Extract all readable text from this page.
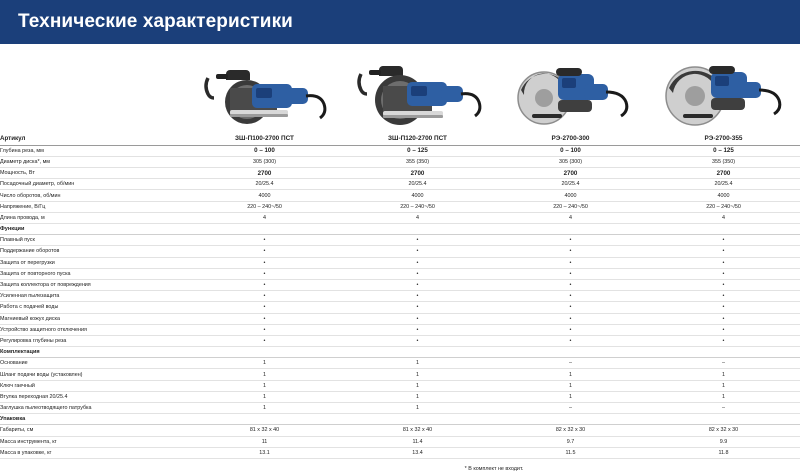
Технические характеристики
Артикул	ЗШ-П100-2700 ПСТ	ЗШ-П120-2700 ПСТ	РЭ-2700-300	РЭ-2700-355
Глубина реза, мм	0 – 100	0 – 125	0 – 100	0 – 125
Диаметр диска*, мм	305 (300)	355 (350)	305 (300)	355 (350)
Мощность, Вт	2700	2700	2700	2700
Посадочный диаметр, об/мин	20/25.4	20/25.4	20/25.4	20/25.4
Число оборотов, об/мин	4000	4000	4000	4000
Напряжение, В/Гц	220 – 240~/50	220 – 240~/50	220 – 240~/50	220 – 240~/50
Длина провода, м	4	4	4	4
Функции				
Плавный пуск	•	•	•	•
Поддержание оборотов	•	•	•	•
Защита от перегрузки	•	•	•	•
Защита от повторного пуска	•	•	•	•
Защита коллектора от повреждения	•	•	•	•
Усиленная пылезащита	•	•	•	•
Работа с подачей воды	•	•	•	•
Магниевый кожух диска	•	•	•	•
Устройство защитного отключения	•	•	•	•
Регулировка глубины реза	•	•	•	•
Комплектация				
Основание	1	1	–	–
Шланг подачи воды (устаковлен)	1	1	1	1
Ключ гаечный	1	1	1	1
Втулка переходная 20/25.4	1	1	1	1
Заглушка пылеотводящего патрубка	1	1	–	–
Упаковка				
Габариты, см	81 х 32 х 40	81 х 32 х 40	82 х 32 х 30	82 х 32 х 30
Масса инструмента, кг	11	11.4	9.7	9.9
Масса в упаковке, кг	13.1	13.4	11.5	11.8
* В комплект не входит.
